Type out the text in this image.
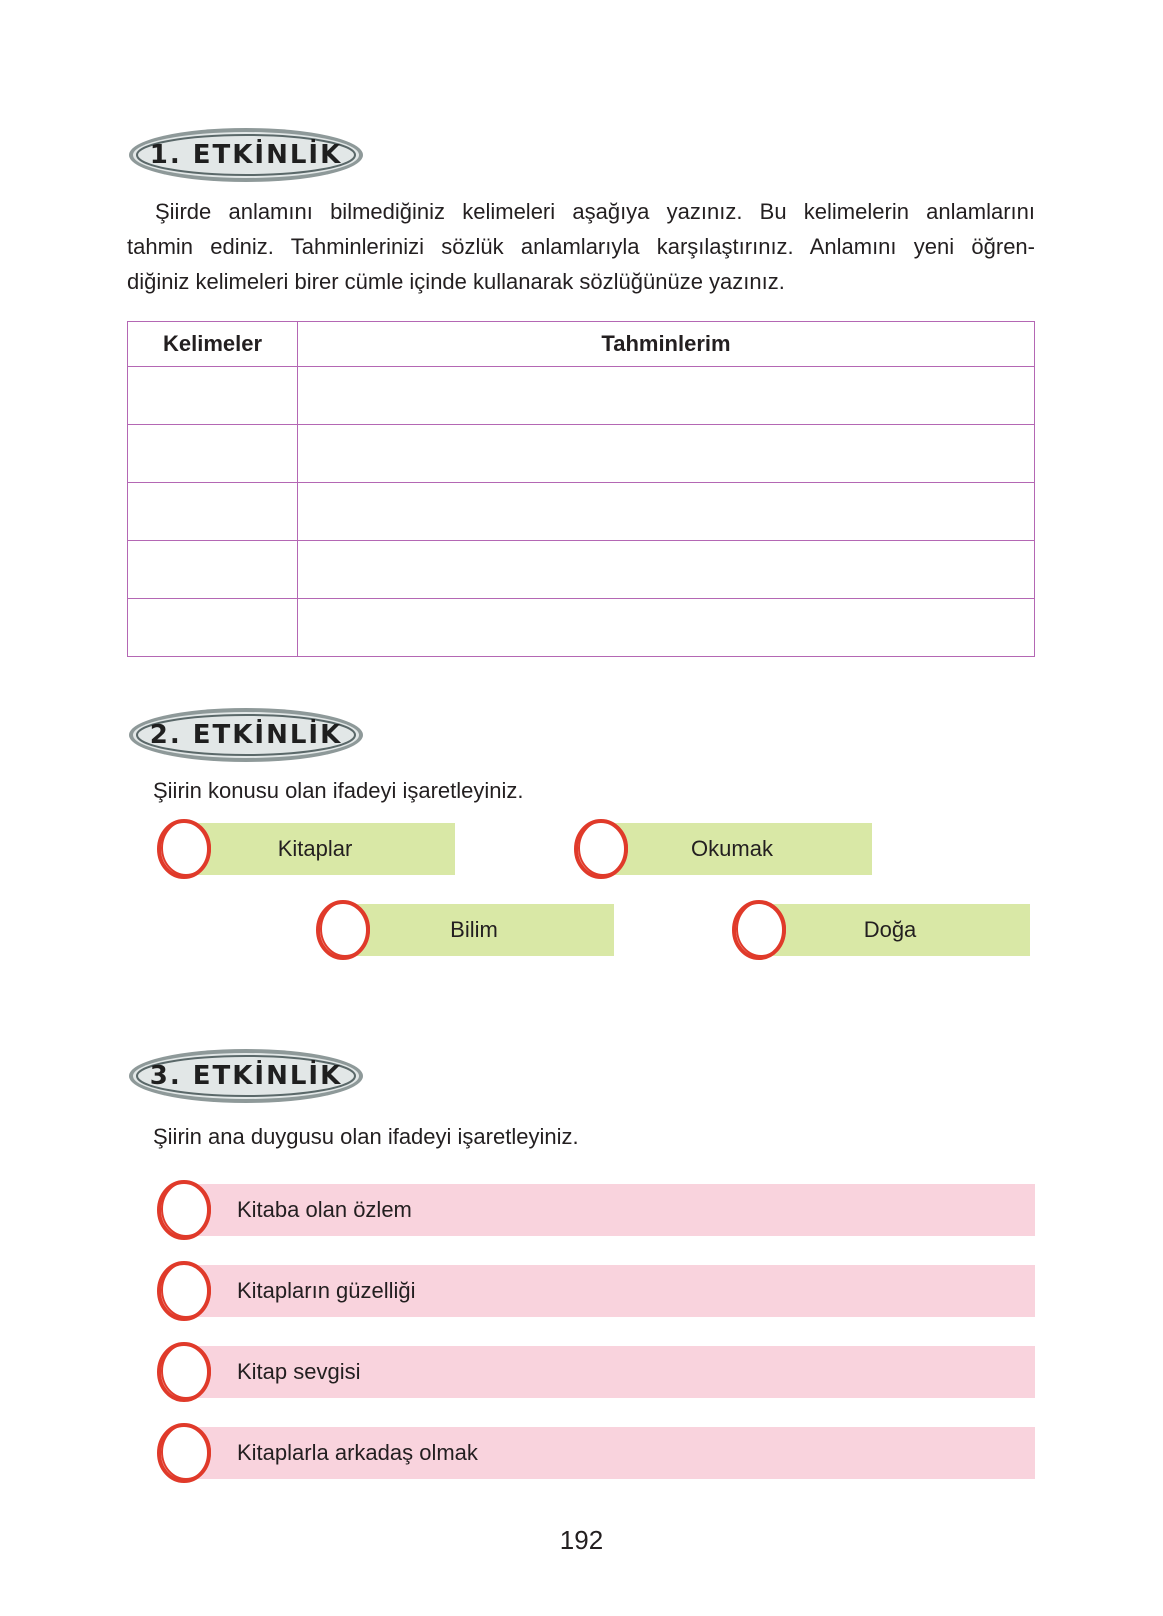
1. ETKİNLİK

Şiirde anlamını bilmediğiniz kelimeleri aşağıya yazınız. Bu kelimelerin anlamlarını
tahmin ediniz. Tahminlerinizi sözlük anlamlarıyla karşılaştırınız. Anlamını yeni öğren-
diğiniz kelimeleri birer cümle içinde kullanarak sözlüğünüze yazınız.

Kelimeler	Tahminlerim

2. ETKİNLİK

Şiirin konusu olan ifadeyi işaretleyiniz.

Kitaplar	Okumak
Bilim	Doğa
3. ETKİNLİK

Şiirin ana duygusu olan ifadeyi işaretleyiniz.

Kitaba olan özlem
Kitapların güzelliği
Kitap sevgisi
Kitaplarla arkadaş olmak
192
